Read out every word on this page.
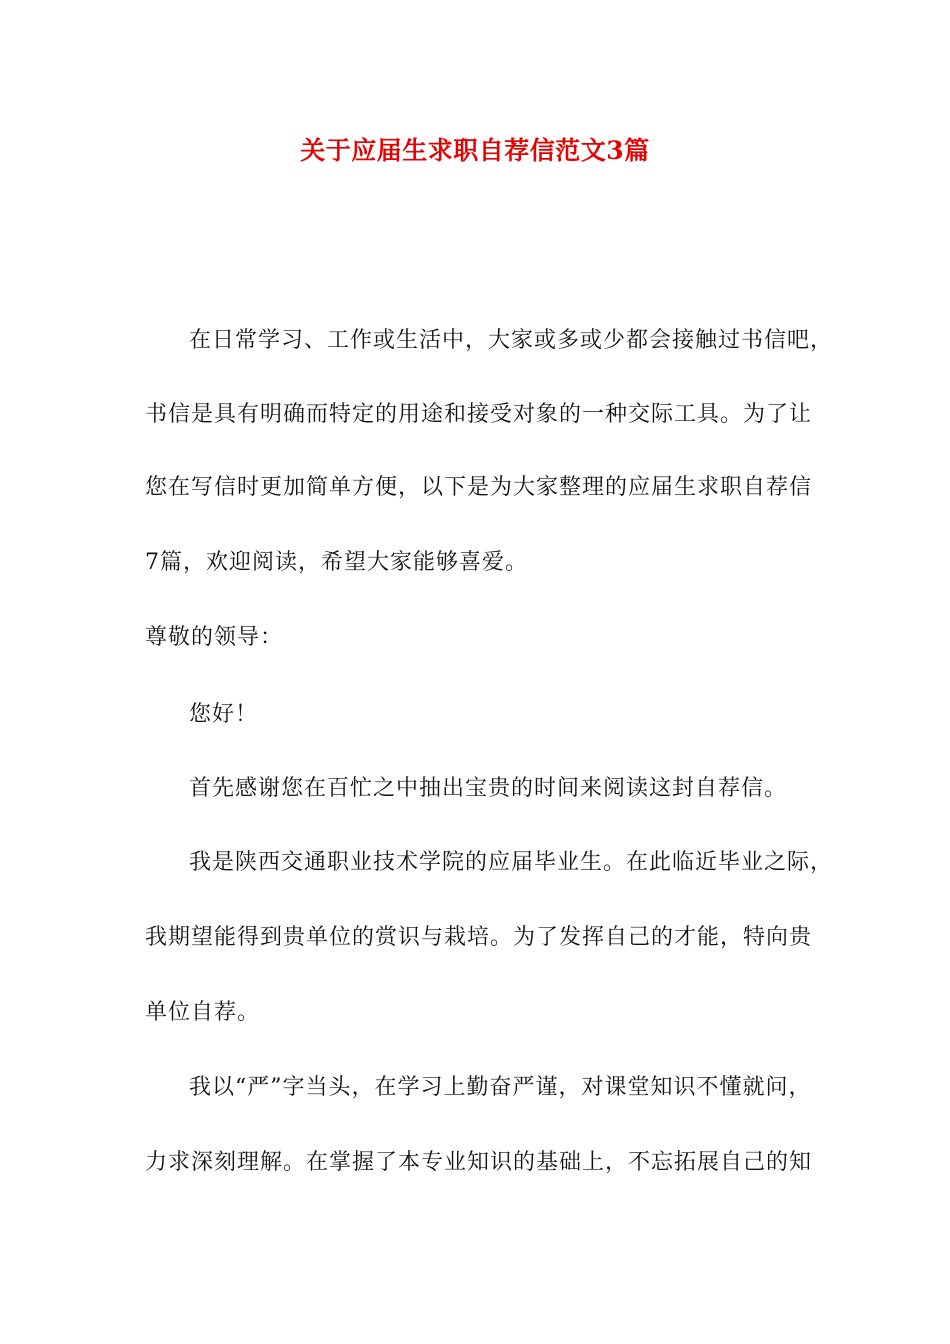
关于应届生求职自荐信范文3篇
在日常学习、工作或生活中，大家或多或少都会接触过书信吧，
书信是具有明确而特定的用途和接受对象的一种交际工具。为了让
您在写信时更加简单方便，以下是为大家整理的应届生求职自荐信
7篇，欢迎阅读，希望大家能够喜爱。
尊敬的领导：
您好！
首先感谢您在百忙之中抽出宝贵的时间来阅读这封自荐信。
我是陕西交通职业技术学院的应届毕业生。在此临近毕业之际，
我期望能得到贵单位的赏识与栽培。为了发挥自己的才能，特向贵
单位自荐。
我以“严”字当头，在学习上勤奋严谨，对课堂知识不懂就问，
力求深刻理解。在掌握了本专业知识的基础上，不忘拓展自己的知
